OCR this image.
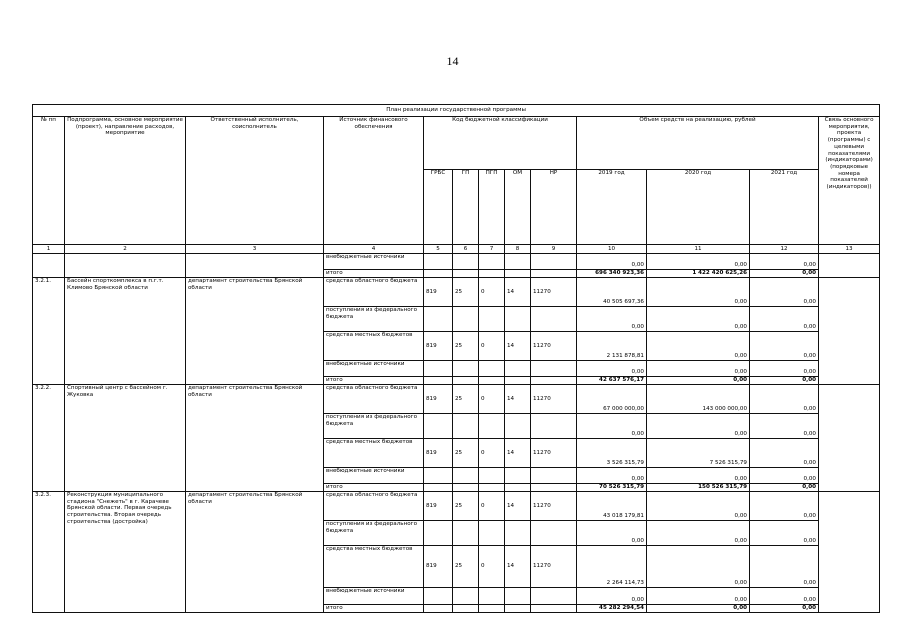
14
План реализации государственной программы												
№ пп	Подпрограмма, основное мероприятие (проект), направление расходов, мероприятие	Ответственный исполнитель, соисполнитель	Источник финансового обеспечения	Код бюджетной классификации					Объем средств на реализацию, рублей			Связь основного мероприятия, проекта (программы) с целевыми показателями (индикаторами) (порядковые номера показателей (индикаторов))
				ГРБС	ГП	ПГП	ОМ	НР	2019 год	2020 год	2021 год	
1	2	3	4	5	6	7	8	9	10	11	12	13
			внебюджетные источники						0,00	0,00	0,00	
			итого						696 340 923,36	1 422 420 625,26	0,00	
3.2.1.	Бассейн спорткомплекса в п.г.т. Климово Брянской области	департамент строительства Брянской области	средства областного бюджета	819	25	0	14	11270	40 505 697,36	0,00	0,00	
			поступления из федерального бюджета						0,00	0,00	0,00	
			средства местных бюджетов	819	25	0	14	11270	2 131 878,81	0,00	0,00	
			внебюджетные источники						0,00	0,00	0,00	
			итого						42 637 576,17	0,00	0,00	
3.2.2.	Спортивный центр с бассейном г. Жуковка	департамент строительства Брянской области	средства областного бюджета	819	25	0	14	11270	67 000 000,00	143 000 000,00	0,00	
			поступления из федерального бюджета						0,00	0,00	0,00	
			средства местных бюджетов	819	25	0	14	11270	3 526 315,79	7 526 315,79	0,00	
			внебюджетные источники						0,00	0,00	0,00	
			итого						70 526 315,79	150 526 315,79	0,00	
3.2.3.	Реконструкция муниципального стадиона "Снежеть" в г. Карачеве Брянской области. Первая очередь строительства. Вторая очередь строительства (достройка)	департамент строительства Брянской области	средства областного бюджета	819	25	0	14	11270	43 018 179,81	0,00	0,00	
			поступления из федерального бюджета						0,00	0,00	0,00	
			средства местных бюджетов	819	25	0	14	11270	2 264 114,73	0,00	0,00	
			внебюджетные источники						0,00	0,00	0,00	
			итого						45 282 294,54	0,00	0,00	
